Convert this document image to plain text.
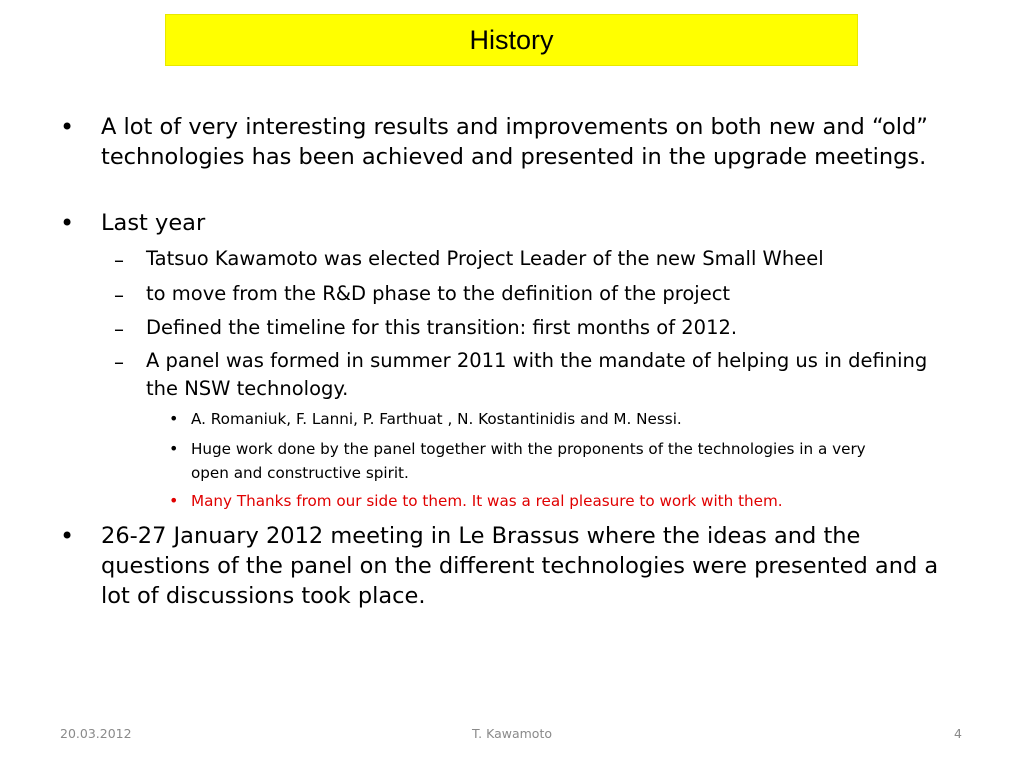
History
• A lot of very interesting results and improvements on both new and “old” technologies has been achieved and presented in the upgrade meetings.
• Last year
– Tatsuo Kawamoto was elected Project Leader of the new Small Wheel
– to move from the R&D phase to the definition of the project
– Defined the timeline for this transition: first months of 2012.
– A panel was formed in summer 2011 with the mandate of helping us in defining the NSW technology.
• A. Romaniuk, F. Lanni, P. Farthuat , N. Kostantinidis and M. Nessi.
• Huge work done by the panel together with the proponents of the technologies in a very open and constructive spirit.
• Many Thanks from our side to them. It was a real pleasure to work with them.
• 26-27 January 2012 meeting in Le Brassus where the ideas and the questions of the panel on the different technologies were presented and a lot of discussions took place.
20.03.2012	T. Kawamoto	4
